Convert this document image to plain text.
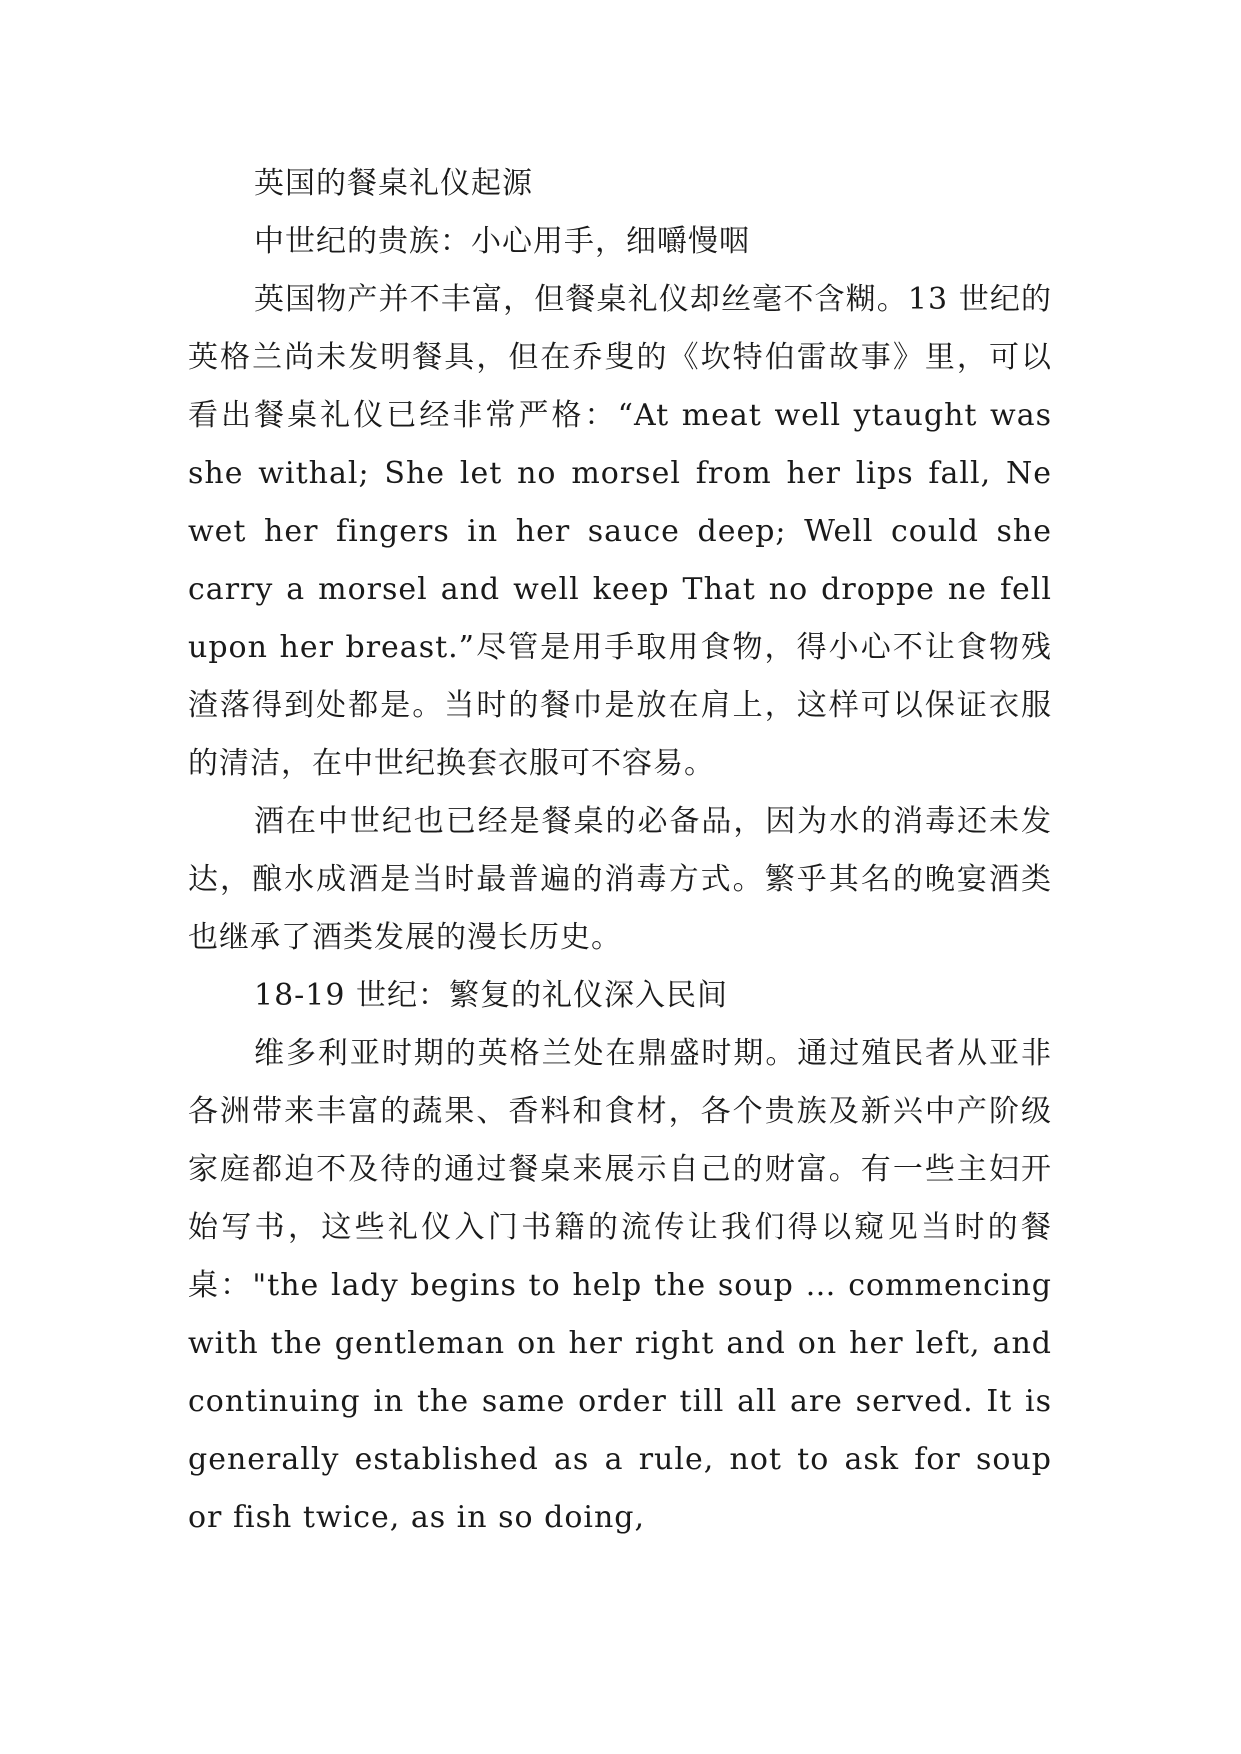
英国的餐桌礼仪起源

中世纪的贵族：小心用手，细嚼慢咽

英国物产并不丰富，但餐桌礼仪却丝毫不含糊。13 世纪的英格兰尚未发明餐具，但在乔叟的《坎特伯雷故事》里，可以看出餐桌礼仪已经非常严格：“At meat well ytaught was she withal; She let no morsel from her lips fall, Ne wet her fingers in her sauce deep; Well could she carry a morsel and well keep That no droppe ne fell upon her breast.”尽管是用手取用食物，得小心不让食物残渣落得到处都是。当时的餐巾是放在肩上，这样可以保证衣服的清洁，在中世纪换套衣服可不容易。

酒在中世纪也已经是餐桌的必备品，因为水的消毒还未发达，酿水成酒是当时最普遍的消毒方式。繁乎其名的晚宴酒类也继承了酒类发展的漫长历史。

18-19 世纪：繁复的礼仪深入民间

维多利亚时期的英格兰处在鼎盛时期。通过殖民者从亚非各洲带来丰富的蔬果、香料和食材，各个贵族及新兴中产阶级家庭都迫不及待的通过餐桌来展示自己的财富。有一些主妇开始写书，这些礼仪入门书籍的流传让我们得以窥见当时的餐桌："the lady begins to help the soup … commencing with the gentleman on her right and on her left, and continuing in the same order till all are served. It is generally established as a rule, not to ask for soup or fish twice, as in so doing,
